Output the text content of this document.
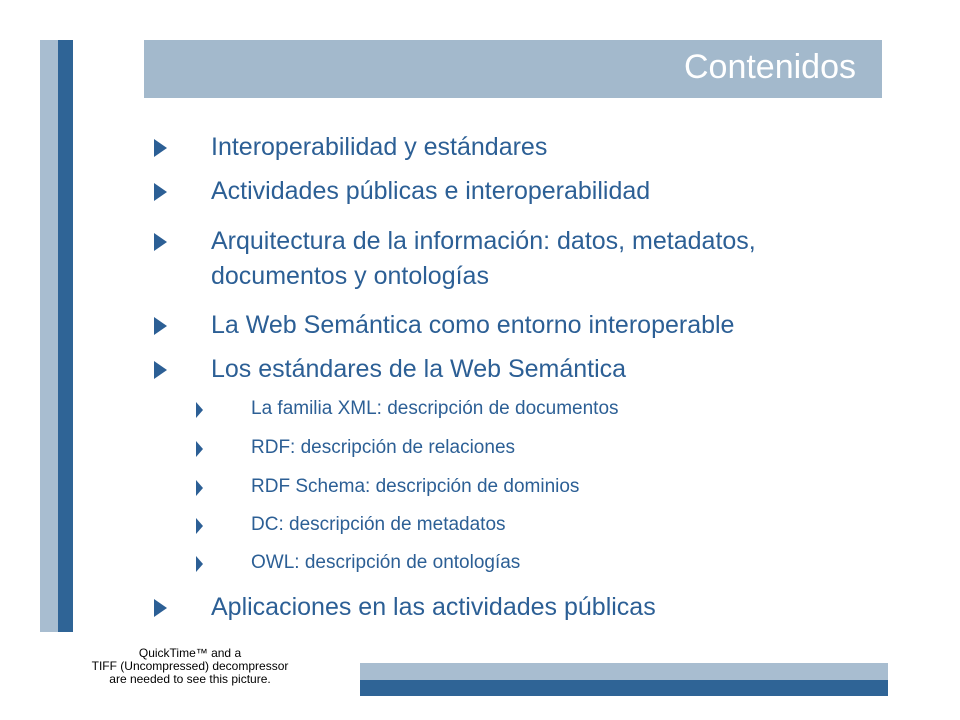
Contenidos
Interoperabilidad y estándares
Actividades públicas e interoperabilidad
Arquitectura de la información: datos, metadatos,
documentos y ontologías
La Web Semántica como entorno interoperable
Los estándares de la Web Semántica
La familia XML: descripción de documentos
RDF: descripción de relaciones
RDF Schema: descripción de dominios
DC: descripción de metadatos
OWL: descripción de ontologías
Aplicaciones en las actividades públicas
QuickTime™ and a
TIFF (Uncompressed) decompressor
are needed to see this picture.
